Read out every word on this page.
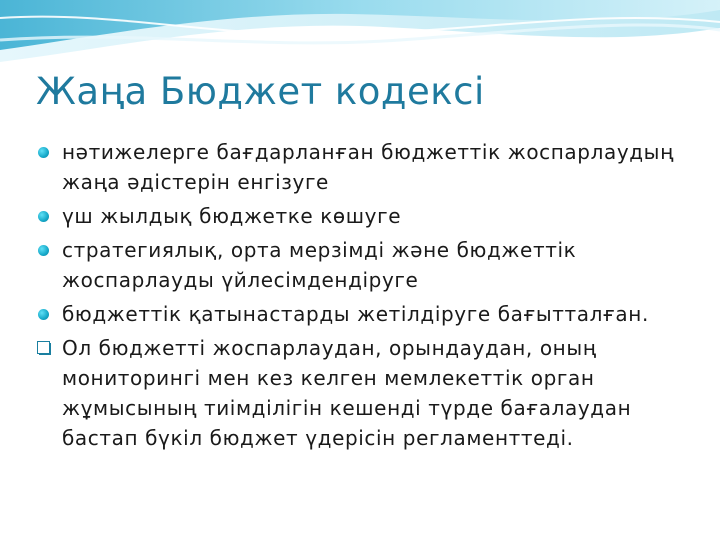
Жаңа Бюджет кодексі
нәтижелерге бағдарланған бюджеттік жоспарлаудың жаңа әдістерін енгізуге
үш жылдық бюджетке көшуге
стратегиялық, орта мерзімді және бюджеттік жоспарлауды үйлесімдендіруге
бюджеттік қатынастарды жетілдіруге бағытталған.
Ол бюджетті жоспарлаудан, орындаудан, оның мониторингі мен кез келген мемлекеттік орган жұмысының тиімділігін кешенді түрде бағалаудан бастап бүкіл бюджет үдерісін регламенттеді.
